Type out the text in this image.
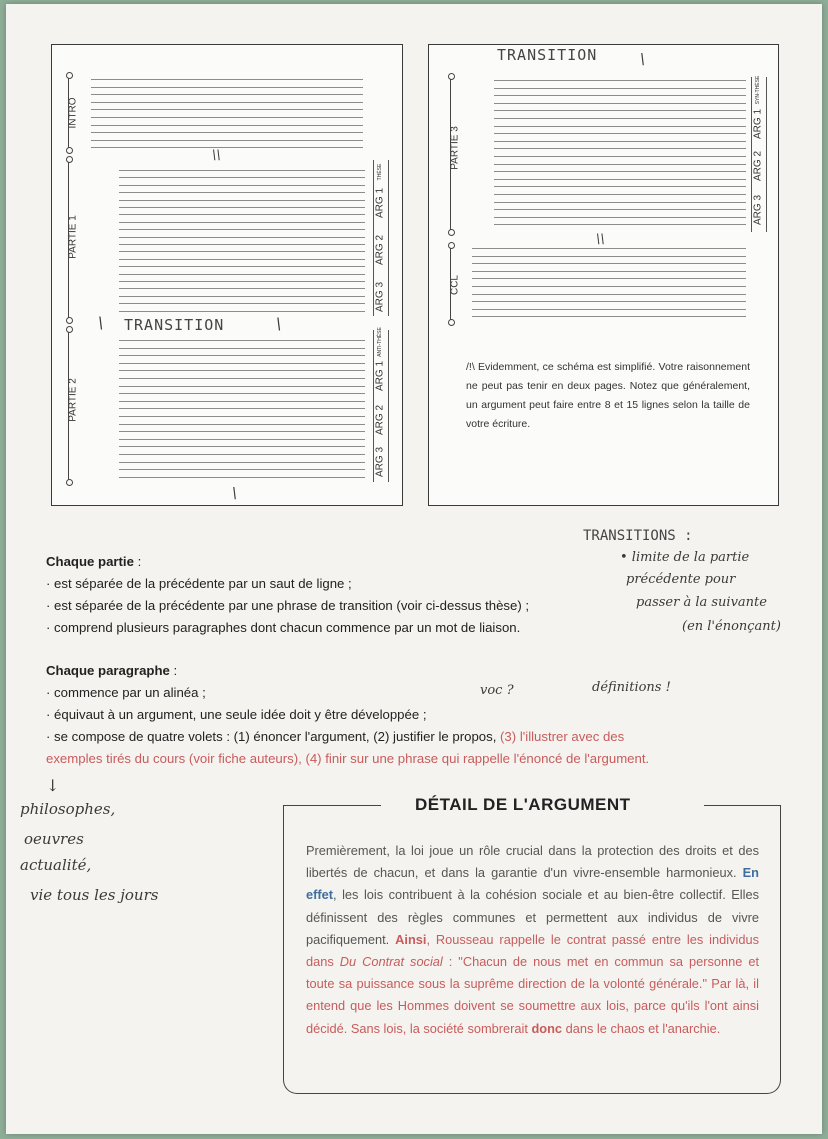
INTRO
PARTIE 1
PARTIE 2
THÈSE
ARG 1
ARG 2
ARG 3
ANTI-THÈSE
ARG 1
ARG 2
ARG 3
\\
TRANSITION
\	\
\
PARTIE 3
CCL
SYN-THÈSE
ARG 1
ARG 2
ARG 3
TRANSITION	\
\\
/!\ Evidemment, ce schéma est simplifié. Votre raisonnement ne peut pas tenir en deux pages. Notez que généralement, un argument peut faire entre 8 et 15 lignes selon la taille de votre écriture.
TRANSITIONS :
• limite de la partie
précédente pour
passer à la suivante
(en l'énonçant)
voc ?	définitions !
↓
philosophes,
oeuvres
actualité,
vie tous les jours
Chaque partie :
· est séparée de la précédente par un saut de ligne ;
· est séparée de la précédente par une phrase de transition (voir ci-dessus thèse) ;
· comprend plusieurs paragraphes dont chacun commence par un mot de liaison.
Chaque paragraphe :
· commence par un alinéa ;
· équivaut à un argument, une seule idée doit y être développée ;
· se compose de quatre volets : (1) énoncer l'argument, (2) justifier le propos, (3) l'illustrer avec des
exemples tirés du cours (voir fiche auteurs), (4) finir sur une phrase qui rappelle l'énoncé de l'argument.
DÉTAIL DE L'ARGUMENT
Premièrement, la loi joue un rôle crucial dans la protection des droits et des libertés de chacun, et dans la garantie d'un vivre-ensemble harmonieux. En effet, les lois contribuent à la cohésion sociale et au bien-être collectif. Elles définissent des règles communes et permettent aux individus de vivre pacifiquement. Ainsi, Rousseau rappelle le contrat passé entre les individus dans Du Contrat social : "Chacun de nous met en commun sa personne et toute sa puissance sous la suprême direction de la volonté générale." Par là, il entend que les Hommes doivent se soumettre aux lois, parce qu'ils l'ont ainsi décidé. Sans lois, la société sombrerait donc dans le chaos et l'anarchie.
